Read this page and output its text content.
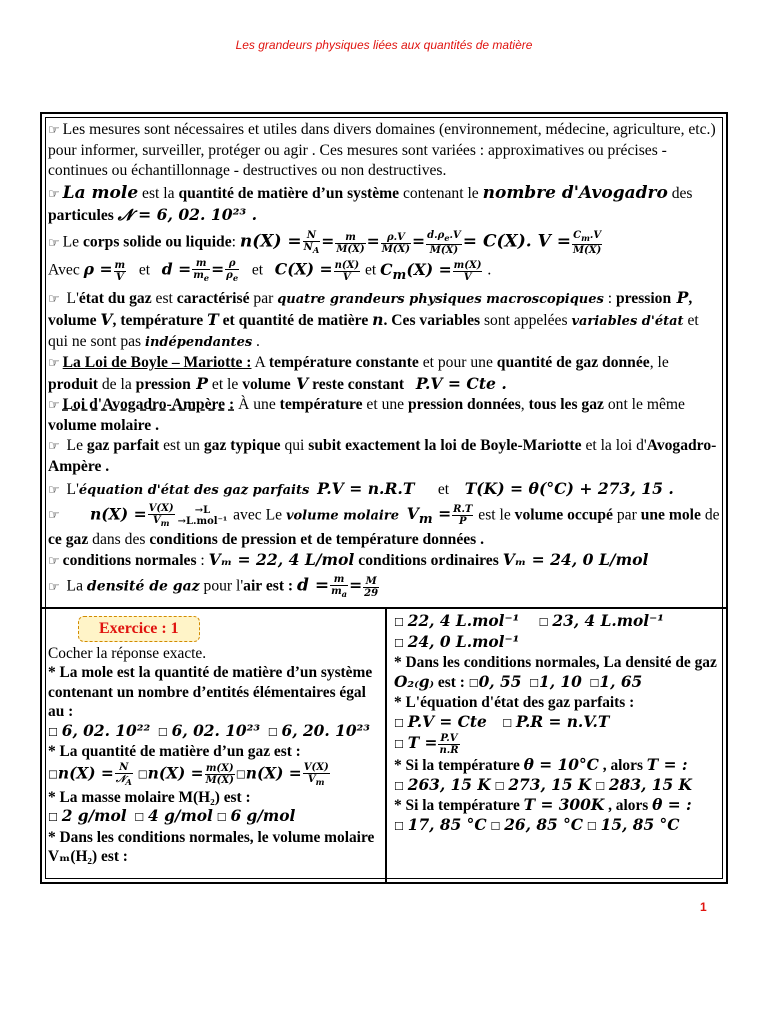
Les grandeurs physiques liées aux quantités de matière

☞ Les mesures sont nécessaires et utiles dans divers domaines (environnement, médecine, agriculture, etc.) pour informer, surveiller, protéger ou agir . Ces mesures sont variées : approximatives ou précises - continues ou échantillonnage - destructives ou non destructives.

☞ La mole est la quantité de matière d’un système contenant le nombre d'Avogadro des particules 𝓝 = 6, 02. 10²³ .

☞ Le corps solide ou liquide: $n(X) = \frac{N}{N_A} = \frac{m}{M(X)} = \frac{\rho.V}{M(X)} = \frac{d.\rho_e.V}{M(X)} = C(X)$. $V = \frac{C_m.V}{M(X)}$

Avec $\rho = \frac{m}{V}$ et   $d = \frac{m}{m_e} = \frac{\rho}{\rho_e}$ et   $C(X) = \frac{n(X)}{V}$ et $C_m(X) = \frac{m(X)}{V}$ .

☞ L'état du gaz est caractérisé par quatre grandeurs physiques macroscopiques : pression P, volume V, température T et quantité de matière n. Ces variables sont appelées variables d'état et qui ne sont pas indépendantes .

☞ La Loi de Boyle – Mariotte : A température constante et pour une quantité de gaz donnée, le produit de la pression P et le volume V reste constant P.V = Cte .

☞ Loi d'Avogadro-Ampère : À une température et une pression données, tous les gaz ont le même volume molaire .

☞ Le gaz parfait est un gaz typique qui subit exactement la loi de Boyle-Mariotte et la loi d'Avogadro-Ampère .

☞ L'équation d'état des gaz parfaits P.V = n.R.T et T(K) = θ(°C) + 273, 15 .

☞ $n(X) = \frac{V(X)}{V_m}$	→L
→L.mol⁻¹ avec Le volume molaire $V_m = \frac{R.T}{P}$ est le volume occupé par une mole de ce gaz dans des conditions de pression et de température données .

☞ conditions normales : Vₘ = 22, 4 L/mol conditions ordinaires Vₘ = 24, 0 L/mol

☞ La densité de gaz pour l'air est : $d = \frac{m}{m_a} = \frac{M}{29}$

Exercice : 1

Cocher la réponse exacte.

* La mole est la quantité de matière d’un système contenant un nombre d’entités élémentaires égal au :

☐ 6, 02. 10²² ☐ 6, 02. 10²³ ☐ 6, 20. 10²³

* La quantité de matière d’un gaz est :

☐n(X) = $\frac{N}{𝒩_A}$ ☐n(X) = $\frac{m(X)}{M(X)}$ ☐n(X) = $\frac{V(X)}{V_m}$

* La masse molaire M(H₂) est :

☐ 2 g/mol ☐ 4 g/mol ☐ 6 g/mol

* Dans les conditions normales, le volume molaire Vₘ(H₂) est :

☐ 22, 4 L.mol⁻¹ ☐ 23, 4 L.mol⁻¹

☐ 24, 0 L.mol⁻¹

* Dans les conditions normales, La densité de gaz O₂₍g₎ est : ☐0, 55 ☐1, 10 ☐1, 65

* L'équation d'état des gaz parfaits :

☐ P.V = Cte ☐ P.R = n.V.T

☐ $T = \frac{P.V}{n.R}$

* Si la température θ = 10°C , alors T = :

☐ 263, 15 K ☐ 273, 15 K ☐ 283, 15 K

* Si la température T = 300K , alors θ = :

☐ 17, 85 °C ☐ 26, 85 °C ☐ 15, 85 °C

1
